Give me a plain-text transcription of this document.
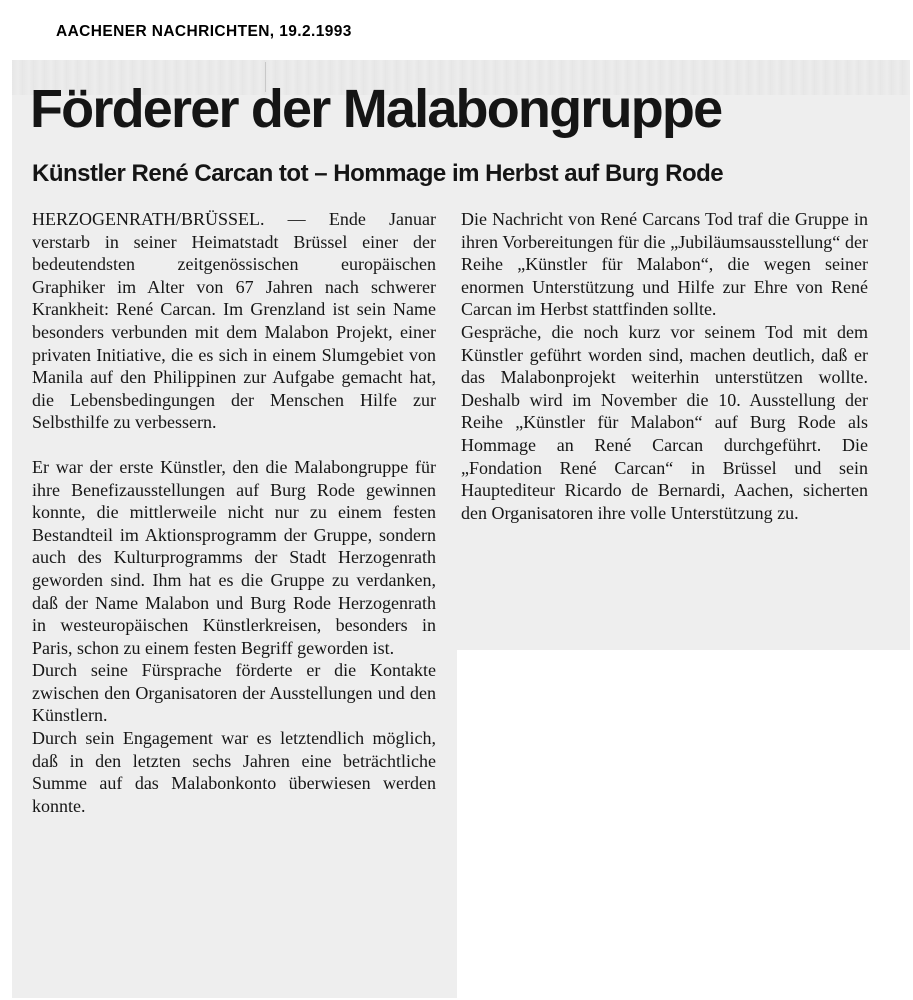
AACHENER NACHRICHTEN, 19.2.1993
Förderer der Malabongruppe
Künstler René Carcan tot – Hommage im Herbst auf Burg Rode

HERZOGENRATH/BRÜSSEL. — Ende Januar verstarb in seiner Heimatstadt Brüssel einer der bedeutendsten zeitgenössischen europäischen Graphiker im Alter von 67 Jahren nach schwerer Krankheit: René Carcan. Im Grenzland ist sein Name besonders verbunden mit dem Malabon Projekt, einer privaten Initiative, die es sich in einem Slumgebiet von Manila auf den Philippinen zur Aufgabe gemacht hat, die Lebensbedingungen der Menschen Hilfe zur Selbsthilfe zu verbessern.

Er war der erste Künstler, den die Malabongruppe für ihre Benefizausstellungen auf Burg Rode gewinnen konnte, die mittlerweile nicht nur zu einem festen Bestandteil im Aktionsprogramm der Gruppe, sondern auch des Kulturprogramms der Stadt Herzogenrath geworden sind. Ihm hat es die Gruppe zu verdanken, daß der Name Malabon und Burg Rode Herzogenrath in westeuropäischen Künstlerkreisen, besonders in Paris, schon zu einem festen Begriff geworden ist.

Durch seine Fürsprache förderte er die Kontakte zwischen den Organisatoren der Ausstellungen und den Künstlern.

Durch sein Engagement war es letztendlich möglich, daß in den letzten sechs Jahren eine beträchtliche Summe auf das Malabonkonto überwiesen werden konnte.

Die Nachricht von René Carcans Tod traf die Gruppe in ihren Vorbereitungen für die „Jubiläumsausstellung“ der Reihe „Künstler für Malabon“, die wegen seiner enormen Unterstützung und Hilfe zur Ehre von René Carcan im Herbst stattfinden sollte.

Gespräche, die noch kurz vor seinem Tod mit dem Künstler geführt worden sind, machen deutlich, daß er das Malabonprojekt weiterhin unterstützen wollte. Deshalb wird im November die 10. Ausstellung der Reihe „Künstler für Malabon“ auf Burg Rode als Hommage an René Carcan durchgeführt. Die „Fondation René Carcan“ in Brüssel und sein Hauptediteur Ricardo de Bernardi, Aachen, sicherten den Organisatoren ihre volle Unterstützung zu.
